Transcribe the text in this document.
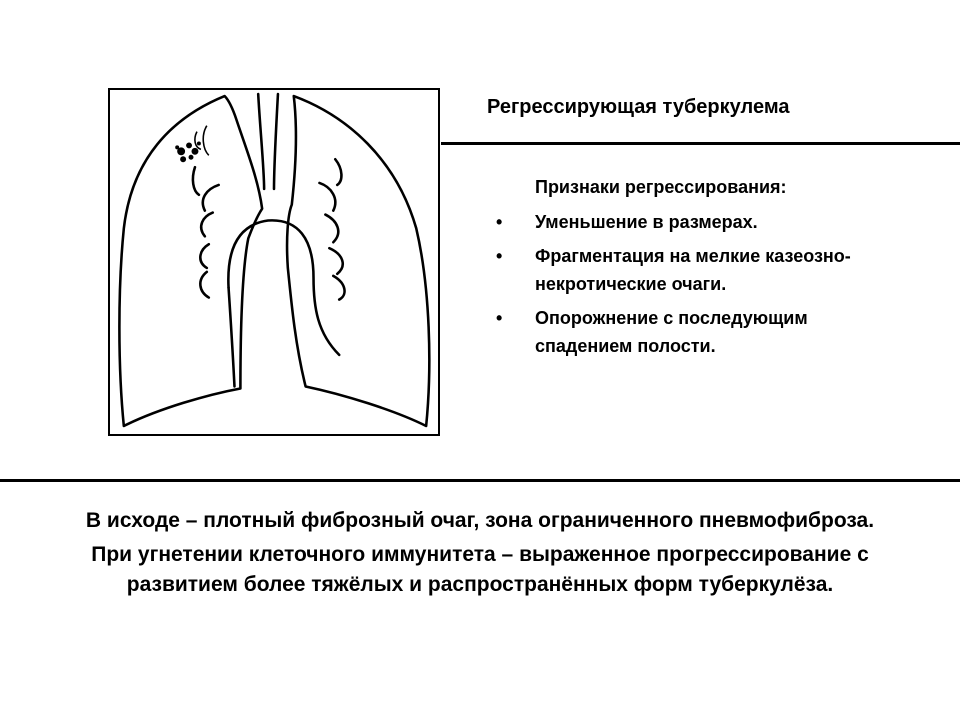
Регрессирующая туберкулема
Признаки регрессирования:
• Уменьшение в размерах.
• Фрагментация на мелкие казеозно-некротические очаги.
• Опорожнение с последующим спадением полости.

В исходе – плотный фиброзный очаг, зона ограниченного пневмофиброза.

При угнетении клеточного иммунитета – выраженное прогрессирование с развитием более тяжёлых и распространённых форм туберкулёза.
